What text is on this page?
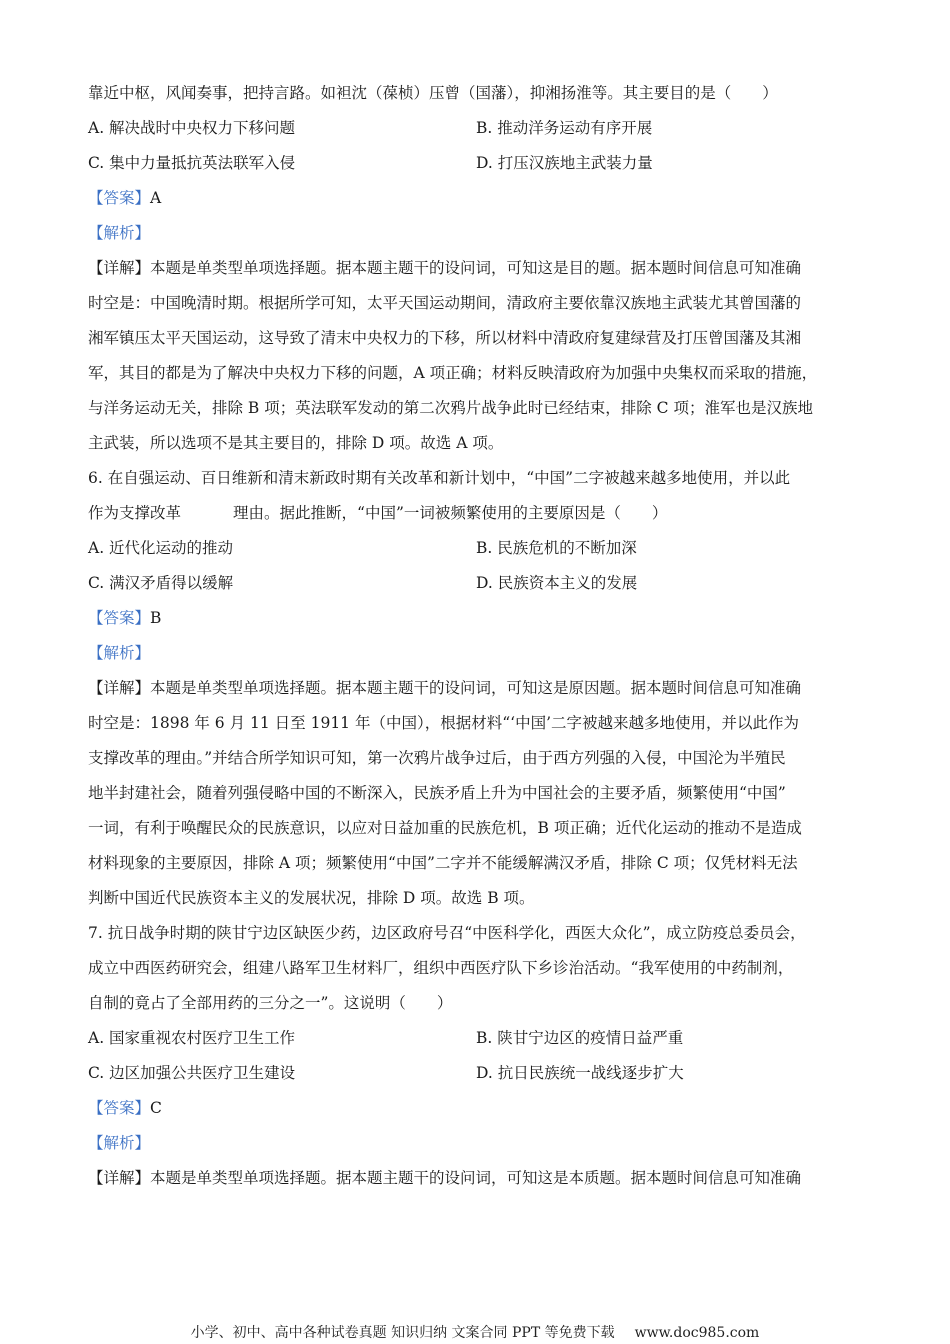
靠近中枢，风闻奏事，把持言路。如袒沈（葆桢）压曾（国藩），抑湘扬淮等。其主要目的是（　　）
A. 解决战时中央权力下移问题	B. 推动洋务运动有序开展
C. 集中力量抵抗英法联军入侵	D. 打压汉族地主武装力量
【答案】A
【解析】
【详解】本题是单类型单项选择题。据本题主题干的设问词，可知这是目的题。据本题时间信息可知准确
时空是：中国晚清时期。根据所学可知，太平天国运动期间，清政府主要依靠汉族地主武装尤其曾国藩的
湘军镇压太平天国运动，这导致了清末中央权力的下移，所以材料中清政府复建绿营及打压曾国藩及其湘
军，其目的都是为了解决中央权力下移的问题，A 项正确；材料反映清政府为加强中央集权而采取的措施，
与洋务运动无关，排除 B 项；英法联军发动的第二次鸦片战争此时已经结束，排除 C 项；淮军也是汉族地
主武装，所以选项不是其主要目的，排除 D 项。故选 A 项。
6. 在自强运动、百日维新和清末新政时期有关改革和新计划中，“中国”二字被越来越多地使用，并以此
作为支撑改革	理由。据此推断，“中国”一词被频繁使用的主要原因是（　　）
A. 近代化运动的推动	B. 民族危机的不断加深
C. 满汉矛盾得以缓解	D. 民族资本主义的发展
【答案】B
【解析】
【详解】本题是单类型单项选择题。据本题主题干的设问词，可知这是原因题。据本题时间信息可知准确
时空是：1898 年 6 月 11 日至 1911 年（中国），根据材料“‘中国’二字被越来越多地使用，并以此作为
支撑改革的理由。”并结合所学知识可知，第一次鸦片战争过后，由于西方列强的入侵，中国沦为半殖民
地半封建社会，随着列强侵略中国的不断深入，民族矛盾上升为中国社会的主要矛盾，频繁使用“中国”
一词，有利于唤醒民众的民族意识，以应对日益加重的民族危机，B 项正确；近代化运动的推动不是造成
材料现象的主要原因，排除 A 项；频繁使用“中国”二字并不能缓解满汉矛盾，排除 C 项；仅凭材料无法
判断中国近代民族资本主义的发展状况，排除 D 项。故选 B 项。
7. 抗日战争时期的陕甘宁边区缺医少药，边区政府号召“中医科学化，西医大众化”，成立防疫总委员会，
成立中西医药研究会，组建八路军卫生材料厂，组织中西医疗队下乡诊治活动。“我军使用的中药制剂，
自制的竟占了全部用药的三分之一”。这说明（　　）
A. 国家重视农村医疗卫生工作	B. 陕甘宁边区的疫情日益严重
C. 边区加强公共医疗卫生建设	D. 抗日民族统一战线逐步扩大
【答案】C
【解析】
【详解】本题是单类型单项选择题。据本题主题干的设问词，可知这是本质题。据本题时间信息可知准确
小学、初中、高中各种试卷真题 知识归纳 文案合同 PPT 等免费下载 www.doc985.com
